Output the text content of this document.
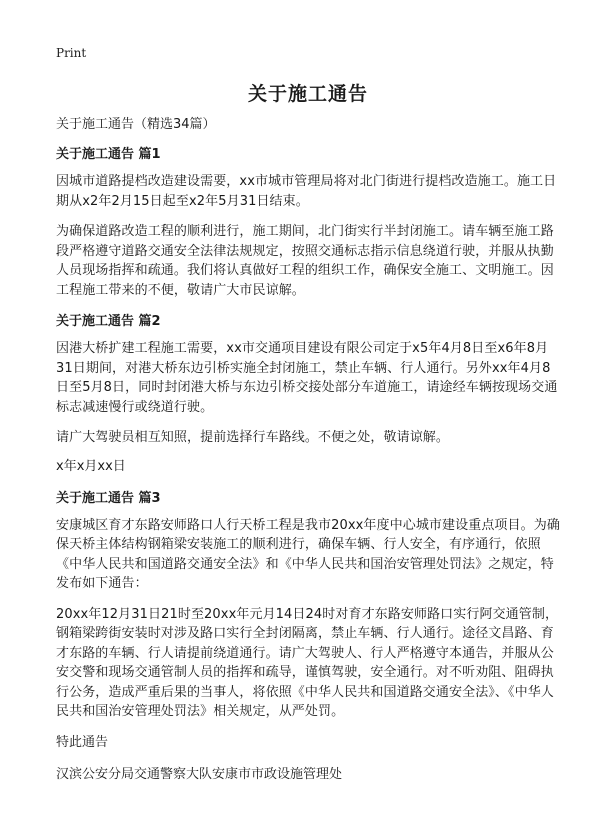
Print

关于施工通告

关于施工通告（精选34篇）

关于施工通告 篇1

因城市道路提档改造建设需要，xx市城市管理局将对北门街进行提档改造施工。施工日期从x2年2月15日起至x2年5月31日结束。

为确保道路改造工程的顺利进行，施工期间，北门街实行半封闭施工。请车辆至施工路段严格遵守道路交通安全法律法规规定，按照交通标志指示信息绕道行驶，并服从执勤人员现场指挥和疏通。我们将认真做好工程的组织工作，确保安全施工、文明施工。因工程施工带来的不便，敬请广大市民谅解。

关于施工通告 篇2

因港大桥扩建工程施工需要，xx市交通项目建设有限公司定于x5年4月8日至x6年8月31日期间，对港大桥东边引桥实施全封闭施工，禁止车辆、行人通行。另外xx年4月8日至5月8日，同时封闭港大桥与东边引桥交接处部分车道施工，请途经车辆按现场交通标志减速慢行或绕道行驶。

请广大驾驶员相互知照，提前选择行车路线。不便之处，敬请谅解。

x年x月xx日

关于施工通告 篇3

安康城区育才东路安师路口人行天桥工程是我市20xx年度中心城市建设重点项目。为确保天桥主体结构钢箱梁安装施工的顺利进行，确保车辆、行人安全，有序通行，依照《中华人民共和国道路交通安全法》和《中华人民共和国治安管理处罚法》之规定，特发布如下通告：

20xx年12月31日21时至20xx年元月14日24时对育才东路安师路口实行阿交通管制，钢箱梁跨街安装时对涉及路口实行全封闭隔离，禁止车辆、行人通行。途径文昌路、育才东路的车辆、行人请提前绕道通行。请广大驾驶人、行人严格遵守本通告，并服从公安交警和现场交通管制人员的指挥和疏导，谨慎驾驶，安全通行。对不听劝阻、阻碍执行公务，造成严重后果的当事人，将依照《中华人民共和国道路交通安全法》、《中华人民共和国治安管理处罚法》相关规定，从严处罚。

特此通告

汉滨公安分局交通警察大队安康市市政设施管理处
